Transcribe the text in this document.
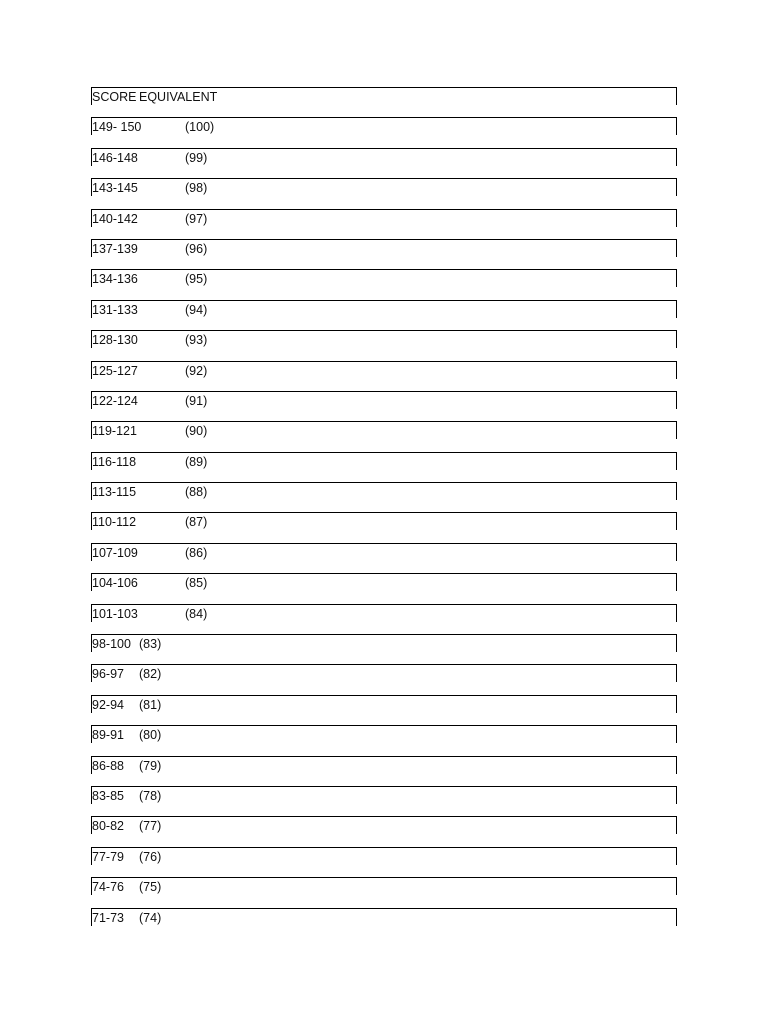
SCORE EQUIVALENT
149- 150	(100)
146-148	(99)
143-145	(98)
140-142	(97)
137-139	(96)
134-136	(95)
131-133	(94)
128-130	(93)
125-127	(92)
122-124	(91)
119-121	(90)
116-118	(89)
113-115	(88)
110-112	(87)
107-109	(86)
104-106	(85)
101-103	(84)
98-100 (83)
96-97 (82)
92-94 (81)
89-91 (80)
86-88 (79)
83-85 (78)
80-82 (77)
77-79 (76)
74-76 (75)
71-73 (74)
